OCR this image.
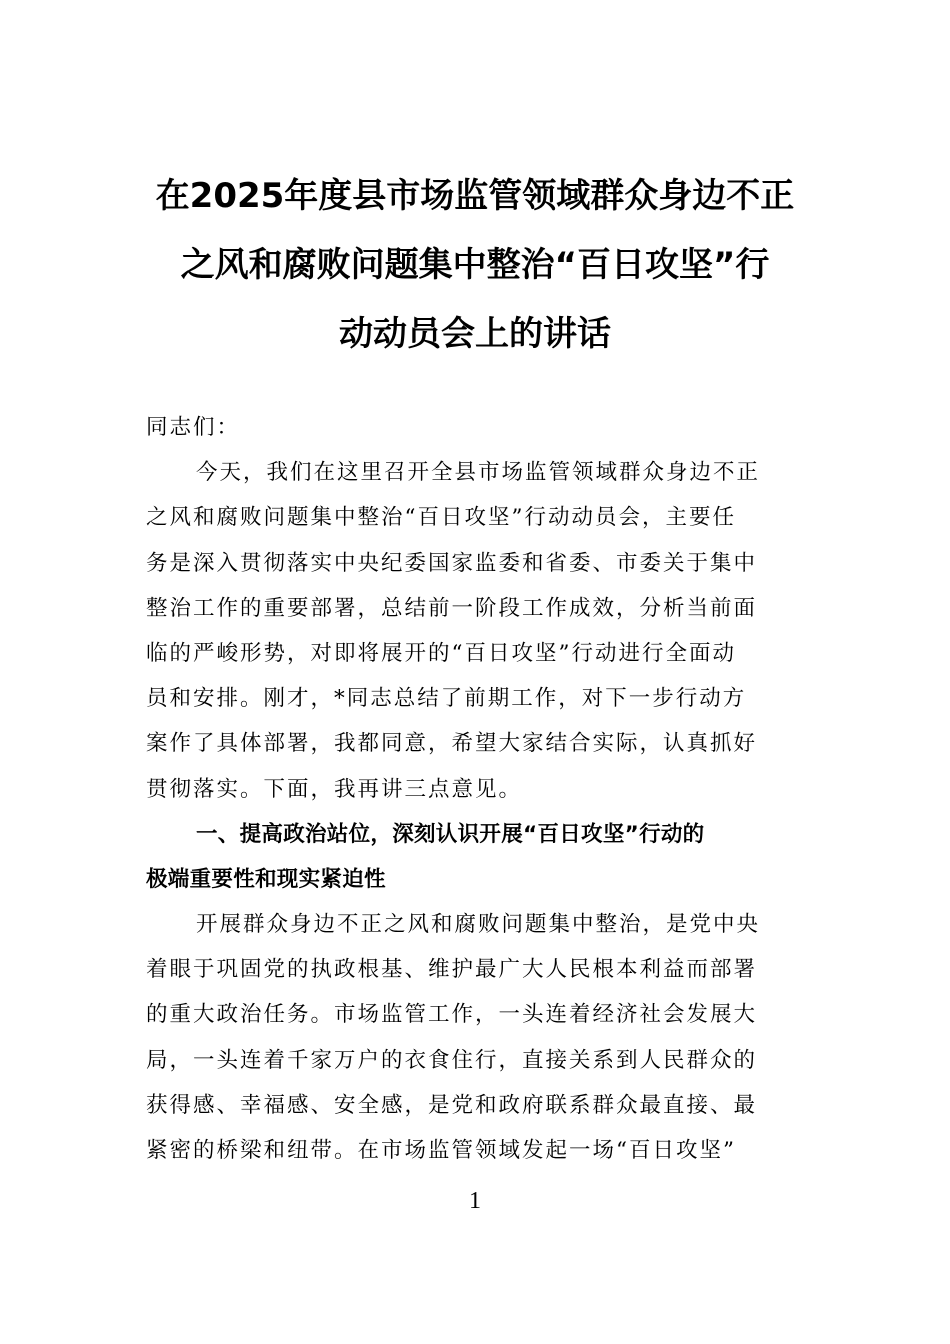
在2025年度县市场监管领域群众身边不正
之风和腐败问题集中整治“百日攻坚”行
动动员会上的讲话
同志们：
今天，我们在这里召开全县市场监管领域群众身边不正
之风和腐败问题集中整治“百日攻坚”行动动员会，主要任
务是深入贯彻落实中央纪委国家监委和省委、市委关于集中
整治工作的重要部署，总结前一阶段工作成效，分析当前面
临的严峻形势，对即将展开的“百日攻坚”行动进行全面动
员和安排。刚才，*同志总结了前期工作，对下一步行动方
案作了具体部署，我都同意，希望大家结合实际，认真抓好
贯彻落实。下面，我再讲三点意见。
一、提高政治站位，深刻认识开展“百日攻坚”行动的
极端重要性和现实紧迫性
开展群众身边不正之风和腐败问题集中整治，是党中央
着眼于巩固党的执政根基、维护最广大人民根本利益而部署
的重大政治任务。市场监管工作，一头连着经济社会发展大
局，一头连着千家万户的衣食住行，直接关系到人民群众的
获得感、幸福感、安全感，是党和政府联系群众最直接、最
紧密的桥梁和纽带。在市场监管领域发起一场“百日攻坚”
1
